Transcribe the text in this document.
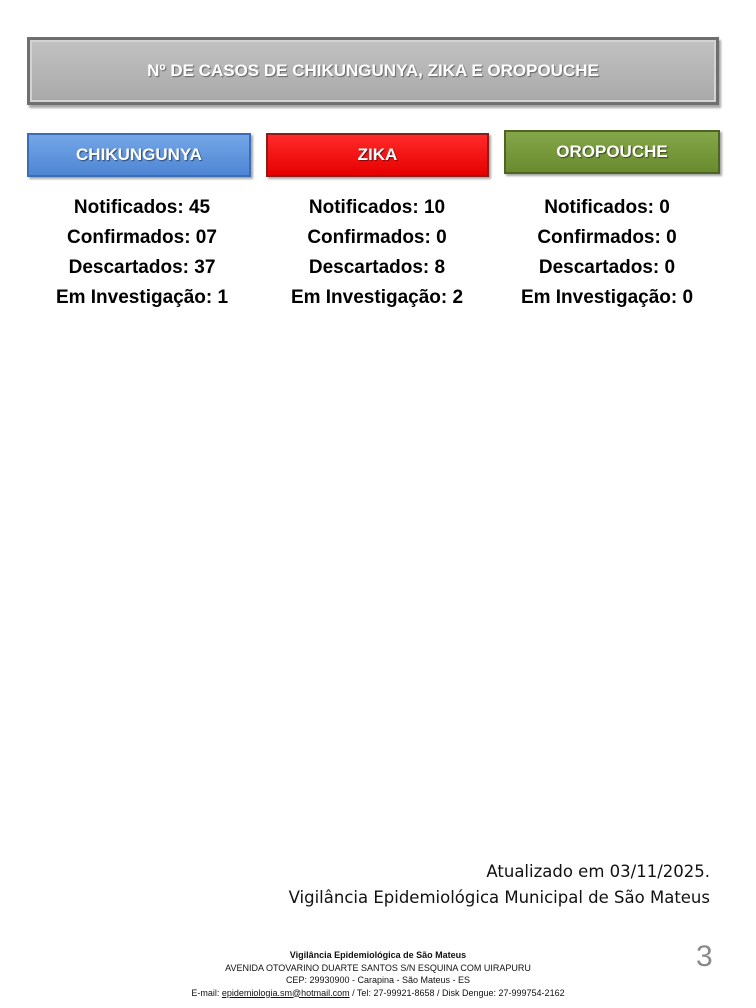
Nº DE CASOS DE CHIKUNGUNYA, ZIKA E OROPOUCHE
CHIKUNGUNYA	ZIKA	OROPOUCHE
Notificados: 45
Confirmados: 07
Descartados: 37
Em Investigação: 1
Notificados: 10
Confirmados: 0
Descartados: 8
Em Investigação: 2
Notificados: 0
Confirmados: 0
Descartados: 0
Em Investigação: 0
Atualizado em 03/11/2025.
Vigilância Epidemiológica Municipal de São Mateus
Vigilância Epidemiológica de São Mateus
AVENIDA OTOVARINO DUARTE SANTOS S/N ESQUINA COM UIRAPURU
CEP: 29930900 - Carapina - São Mateus - ES
E-mail: epidemiologia.sm@hotmail.com / Tel: 27-99921-8658 / Disk Dengue: 27-999754-2162
3
